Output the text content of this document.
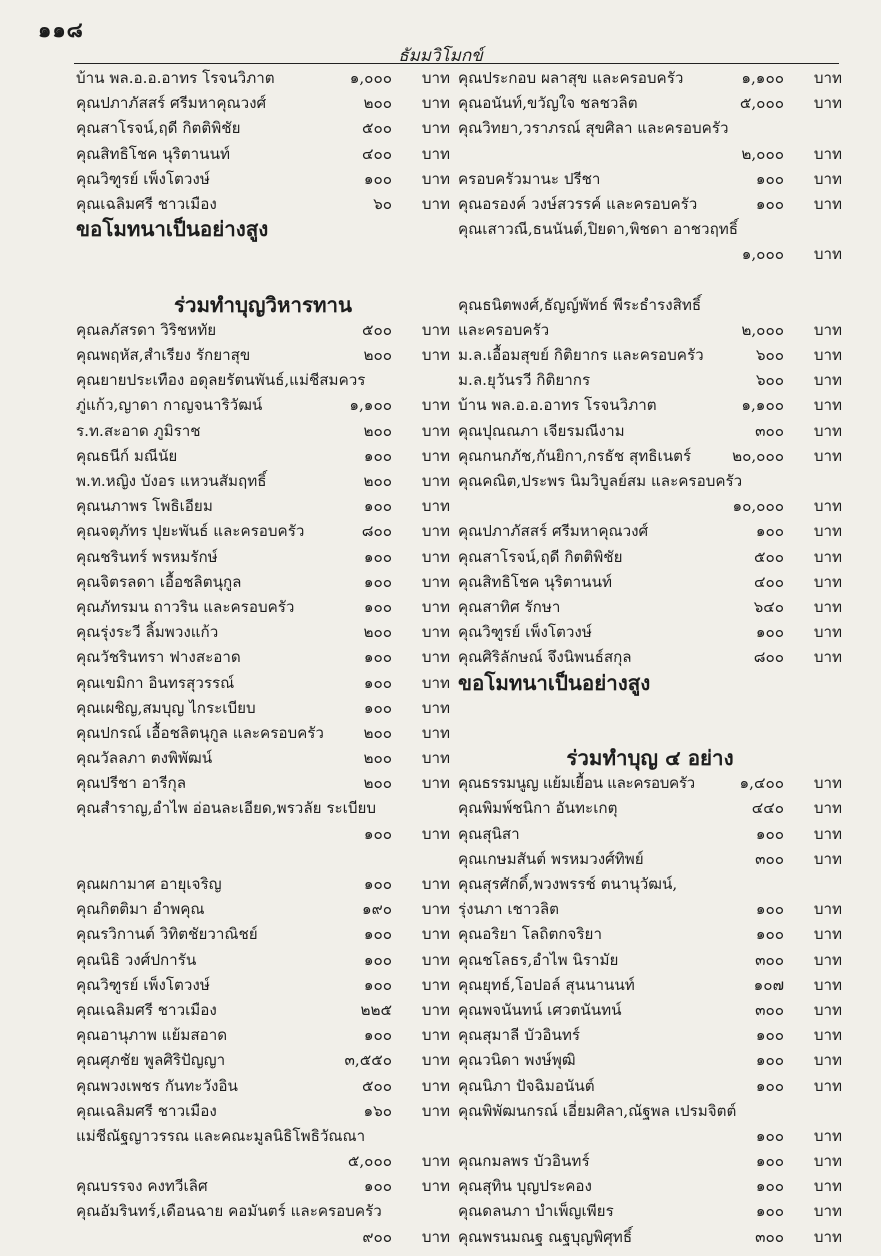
๑๑๘
ธัมมวิโมกข์
บ้าน พล.อ.อ.อาทร โรจนวิภาต	๑,๐๐๐ บาท
คุณปภาภัสสร์ ศรีมหาคุณวงศ์	๒๐๐ บาท
คุณสาโรจน์,ฤดี กิตติพิชัย	๕๐๐ บาท
คุณสิทธิโชค นุริตานนท์	๔๐๐ บาท
คุณวิฑูรย์ เพ็งโตวงษ์	๑๐๐ บาท
คุณเฉลิมศรี ชาวเมือง	๖๐ บาท
ขอโมทนาเป็นอย่างสูง
ร่วมทำบุญวิหารทาน
คุณลภัสรดา วิริชหทัย	๕๐๐ บาท
คุณพฤหัส,สำเรียง รักยาสุข	๒๐๐ บาท
คุณยายประเทือง อดุลยรัตนพันธ์,แม่ชีสมควร
ภู่แก้ว,ญาดา กาญจนาริวัฒน์	๑,๑๐๐ บาท
ร.ท.สะอาด ภูมิราช	๒๐๐ บาท
คุณธนีก์ มณีนัย	๑๐๐ บาท
พ.ท.หญิง บังอร แหวนสัมฤทธิ์	๒๐๐ บาท
คุณนภาพร โพธิเอียม	๑๐๐ บาท
คุณจตุภัทร ปุยะพันธ์ และครอบครัว	๘๐๐ บาท
คุณชรินทร์ พรหมรักษ์	๑๐๐ บาท
คุณจิตรลดา เอื้อชลิตนุกูล	๑๐๐ บาท
คุณภัทรมน ถาวริน และครอบครัว	๑๐๐ บาท
คุณรุ่งระวี ลิ้มพวงแก้ว	๒๐๐ บาท
คุณวัชรินทรา ฟางสะอาด	๑๐๐ บาท
คุณเขมิกา อินทรสุวรรณ์	๑๐๐ บาท
คุณเผชิญ,สมบุญ ไกระเบียบ	๑๐๐ บาท
คุณปกรณ์ เอื้อชลิตนุกูล และครอบครัว	๒๐๐ บาท
คุณวัลลภา ตงพิพัฒน์	๒๐๐ บาท
คุณปรีชา อารีกุล	๒๐๐ บาท
คุณสำราญ,อำไพ อ่อนละเอียด,พรวลัย ระเบียบ
๑๐๐ บาท
คุณผกามาศ อายุเจริญ	๑๐๐ บาท
คุณกิตติมา อำพคุณ	๑๙๐ บาท
คุณรวิกานต์ วิทิตชัยวาณิชย์	๑๐๐ บาท
คุณนิธิ วงศ์ปการัน	๑๐๐ บาท
คุณวิฑูรย์ เพ็งโตวงษ์	๑๐๐ บาท
คุณเฉลิมศรี ชาวเมือง	๒๒๕ บาท
คุณอานุภาพ แย้มสอาด	๑๐๐ บาท
คุณศุภชัย พูลศิริปัญญา	๓,๕๕๐ บาท
คุณพวงเพชร กันทะวังอิน	๕๐๐ บาท
คุณเฉลิมศรี ชาวเมือง	๑๖๐ บาท
แม่ชีณัฐญาวรรณ และคณะมูลนิธิโพธิวัณณา
๕,๐๐๐ บาท
คุณบรรจง คงทวีเลิศ	๑๐๐ บาท
คุณอัมรินทร์,เดือนฉาย คอมันตร์ และครอบครัว
๙๐๐ บาท
คุณประกอบ ผลาสุข และครอบครัว	๑,๑๐๐ บาท
คุณอนันท์,ขวัญใจ ชลชวลิต	๕,๐๐๐ บาท
คุณวิทยา,วราภรณ์ สุขศิลา และครอบครัว
๒,๐๐๐ บาท
ครอบครัวมานะ ปรีชา	๑๐๐ บาท
คุณอรองค์ วงษ์สวรรค์ และครอบครัว	๑๐๐ บาท
คุณเสาวณี,ธนนันต์,ปิยดา,พิชดา อาชวฤทธิ์
๑,๐๐๐ บาท
คุณธนิตพงศ์,ธัญญ์พัทธ์ พีระธำรงสิทธิ์
และครอบครัว	๒,๐๐๐ บาท
ม.ล.เอื้อมสุขย์ กิติยากร และครอบครัว	๖๐๐ บาท
ม.ล.ยุวันรวี กิติยากร	๖๐๐ บาท
บ้าน พล.อ.อ.อาทร โรจนวิภาต	๑,๑๐๐ บาท
คุณปุณณภา เจียรมณีงาม	๓๐๐ บาท
คุณกนกภัช,กันยิกา,กรธัช สุทธิเนตร์	๒๐,๐๐๐ บาท
คุณคณิต,ประพร นิมวิบูลย์สม และครอบครัว
๑๐,๐๐๐ บาท
คุณปภาภัสสร์ ศรีมหาคุณวงศ์	๑๐๐ บาท
คุณสาโรจน์,ฤดี กิตติพิชัย	๕๐๐ บาท
คุณสิทธิโชค นุริตานนท์	๔๐๐ บาท
คุณสาทิศ รักษา	๖๔๐ บาท
คุณวิฑูรย์ เพ็งโตวงษ์	๑๐๐ บาท
คุณศิริลักษณ์ จึงนิพนธ์สกุล	๘๐๐ บาท
ขอโมทนาเป็นอย่างสูง
ร่วมทำบุญ ๔ อย่าง
คุณธรรมนูญ แย้มเยื้อน และครอบครัว	๑,๔๐๐ บาท
คุณพิมพ์ชนิกา อันทะเกตุ	๔๔๐ บาท
คุณสุนิสา	๑๐๐ บาท
คุณเกษมสันต์ พรหมวงศ์ทิพย์	๓๐๐ บาท
คุณสุรศักดิ์,พวงพรรช์ ตนานุวัฒน์,
รุ่งนภา เชาวลิต	๑๐๐ บาท
คุณอริยา โลถิตกจริยา	๑๐๐ บาท
คุณชโลธร,อำไพ นิรามัย	๓๐๐ บาท
คุณยุทธ์,โอปอล์ สุนนานนท์	๑๐๗ บาท
คุณพจนันทน์ เศวตนันทน์	๓๐๐ บาท
คุณสุมาลี บัวอินทร์	๑๐๐ บาท
คุณวนิดา พงษ์พุฒิ	๑๐๐ บาท
คุณนิภา ปัจฉิมอนันต์	๑๐๐ บาท
คุณพิพัฒนกรณ์ เอี่ยมศิลา,ณัฐพล เปรมจิตต์
๑๐๐ บาท
คุณกมลพร บัวอินทร์	๑๐๐ บาท
คุณสุทิน บุญประคอง	๑๐๐ บาท
คุณดลนภา บำเพ็ญเพียร	๑๐๐ บาท
คุณพรนมณฐ ณฐบุญพิศุทธิ์	๓๐๐ บาท
